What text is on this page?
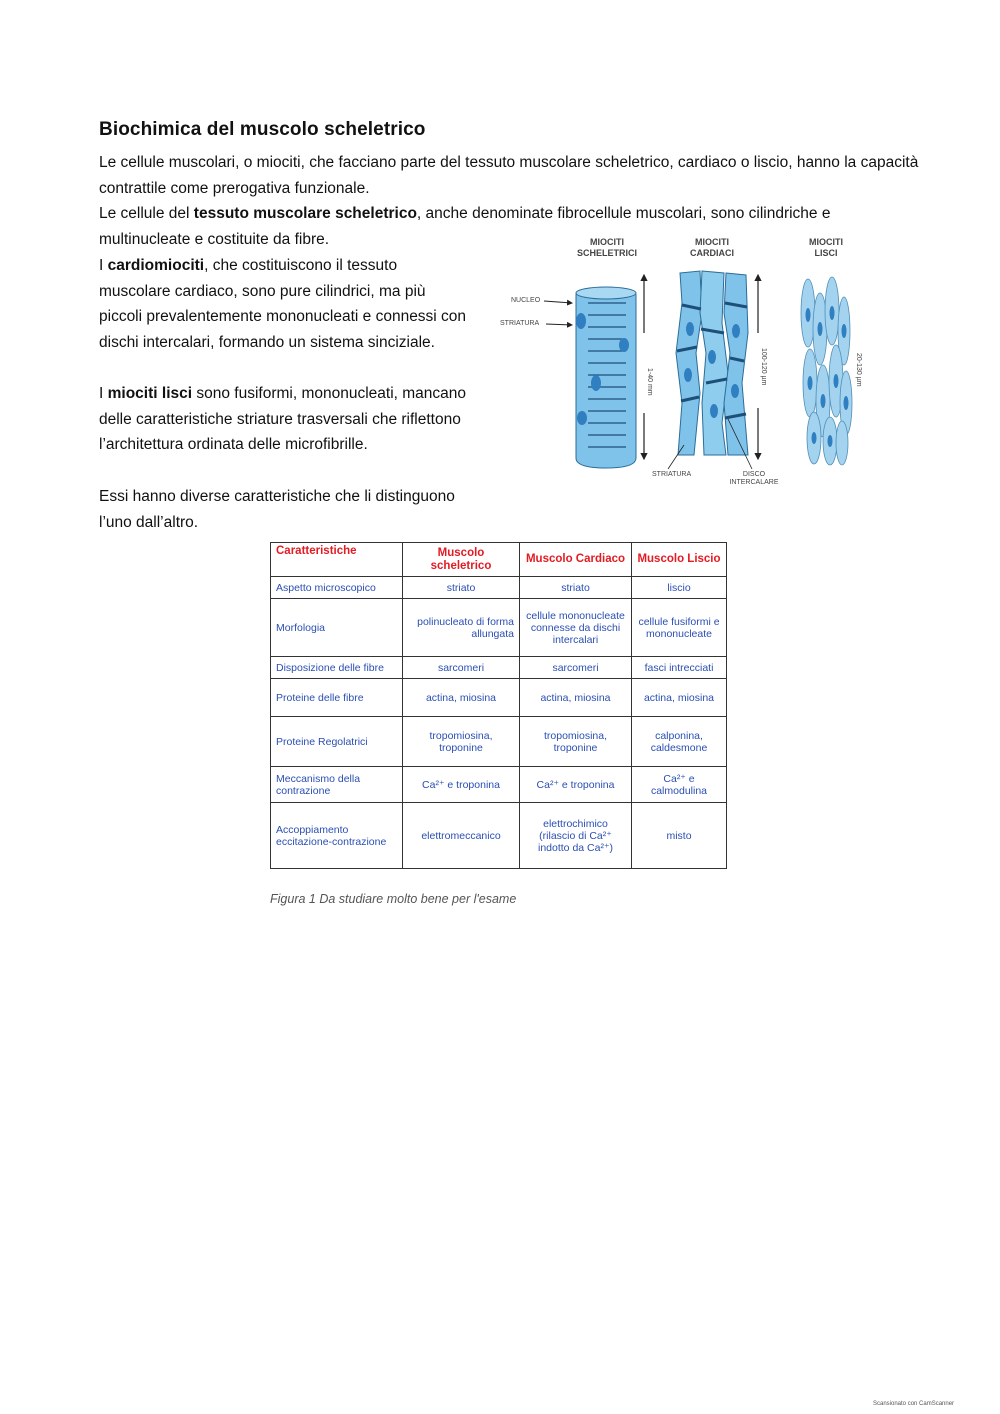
Biochimica del muscolo scheletrico

Le cellule muscolari, o miociti, che facciano parte del tessuto muscolare scheletrico, cardiaco o liscio, hanno la capacità contrattile come prerogativa funzionale.

Le cellule del tessuto muscolare scheletrico, anche denominate fibrocellule muscolari, sono cilindriche e multinucleate e costituite da fibre.

I cardiomiociti, che costituiscono il tessuto muscolare cardiaco, sono pure cilindrici, ma più piccoli prevalentemente mononucleati e connessi con dischi intercalari, formando un sistema sinciziale.

I miociti lisci sono fusiformi, mononucleati, mancano delle caratteristiche striature trasversali che riflettono l’architettura ordinata delle microfibrille.

Essi hanno diverse caratteristiche che li distinguono l’uno dall’altro.

MIOCITI SCHELETRICI
MIOCITI CARDIACI
MIOCITI LISCI
NUCLEO
STRIATURA
STRIATURA	DISCO INTERCALARE
1-40 mm	100-120 µm	20-130 µm
Caratteristiche	Muscolo scheletrico	Muscolo Cardiaco	Muscolo Liscio
Aspetto microscopico	striato	striato	liscio
Morfologia	polinucleato di forma allungata	cellule mononucleate connesse da dischi intercalari	cellule fusiformi e mononucleate
Disposizione delle fibre	sarcomeri	sarcomeri	fasci intrecciati
Proteine delle fibre	actina, miosina	actina, miosina	actina, miosina
Proteine Regolatrici	tropomiosina, troponine	tropomiosina, troponine	calponina, caldesmone
Meccanismo della contrazione	Ca²⁺ e troponina	Ca²⁺ e troponina	Ca²⁺ e calmodulina
Accoppiamento eccitazione-contrazione	elettromeccanico	elettrochimico (rilascio di Ca²⁺ indotto da Ca²⁺)	misto

Figura 1 Da studiare molto bene per l'esame

Scansionato con CamScanner
